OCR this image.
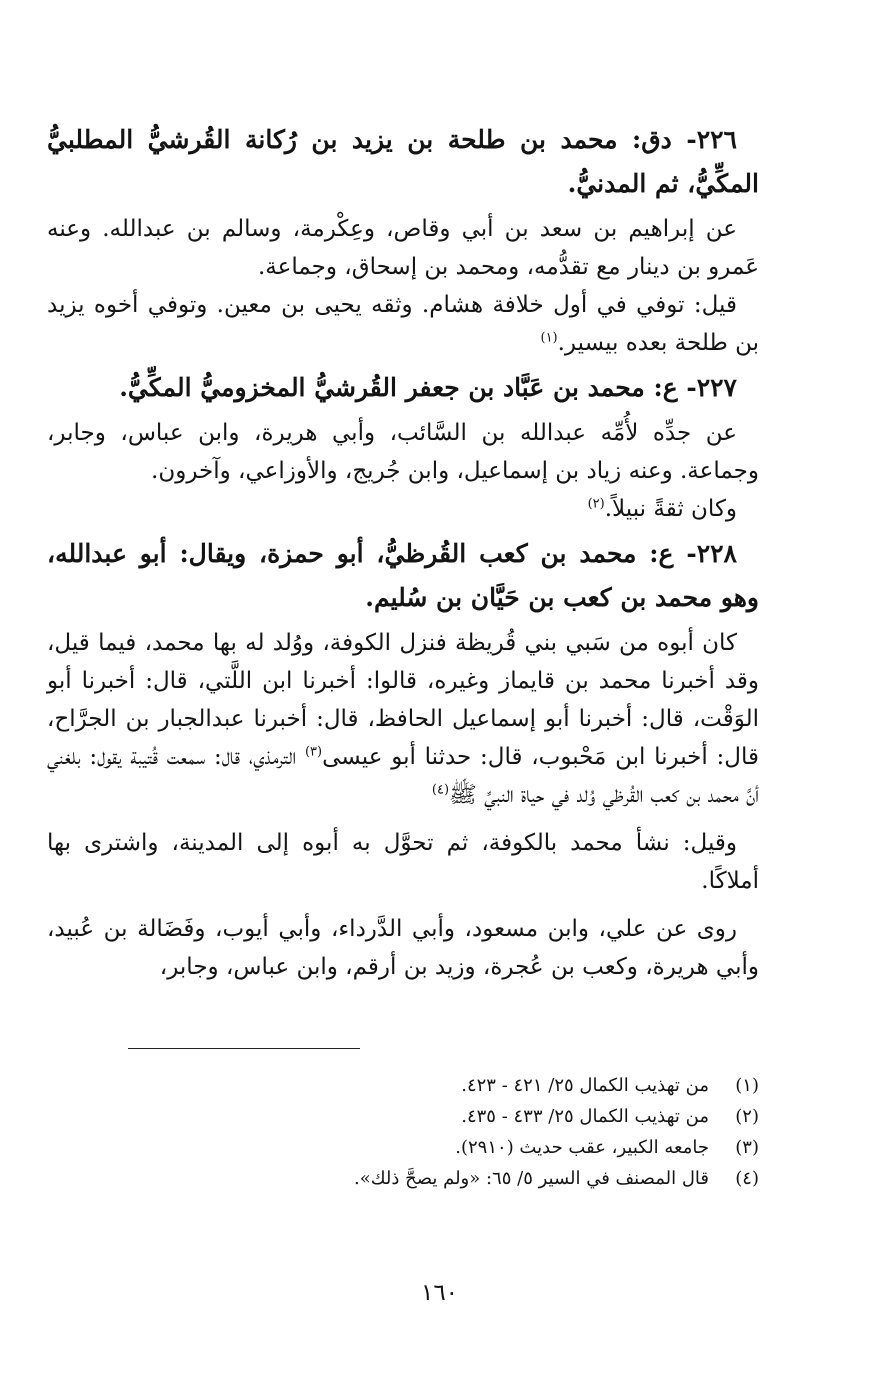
٢٢٦- دق: محمد بن طلحة بن يزيد بن رُكانة القُرشيُّ المطلبيُّ المكِّيُّ، ثم المدنيُّ.
عن إبراهيم بن سعد بن أبي وقاص، وعِكْرمة، وسالم بن عبدالله. وعنه عَمرو بن دينار مع تقدُّمه، ومحمد بن إسحاق، وجماعة.
قيل: توفي في أول خلافة هشام. وثقه يحيى بن معين. وتوفي أخوه يزيد بن طلحة بعده بيسير.$^{(١)}$
٢٢٧- ع: محمد بن عَبَّاد بن جعفر القُرشيُّ المخزوميُّ المكِّيُّ.
عن جدِّه لأُمِّه عبدالله بن السَّائب، وأبي هريرة، وابن عباس، وجابر، وجماعة. وعنه زياد بن إسماعيل، وابن جُريج، والأوزاعي، وآخرون.
وكان ثقةً نبيلاً.$^{(٢)}$
٢٢٨- ع: محمد بن كعب القُرظيُّ، أبو حمزة، ويقال: أبو عبدالله، وهو محمد بن كعب بن حَيَّان بن سُليم.
كان أبوه من سَبي بني قُريظة فنزل الكوفة، ووُلد له بها محمد، فيما قيل، وقد أخبرنا محمد بن قايماز وغيره، قالوا: أخبرنا ابن اللَّتي، قال: أخبرنا أبو الوَقْت، قال: أخبرنا أبو إسماعيل الحافظ، قال: أخبرنا عبدالجبار بن الجرَّاح، قال: أخبرنا ابن مَحْبوب، قال: حدثنا أبو عيسى$^{(٣)}$ الترمذي، قال: سمعت قُتيبة يقول: بلغني أنَّ محمد بن كعب القُرظي وُلد في حياة النبيِّ ﷺ$^{(٤)}$
وقيل: نشأ محمد بالكوفة، ثم تحوَّل به أبوه إلى المدينة، واشترى بها أملاكًا.
روى عن علي، وابن مسعود، وأبي الدَّرداء، وأبي أيوب، وفَضَالة بن عُبيد، وأبي هريرة، وكعب بن عُجرة، وزيد بن أرقم، وابن عباس، وجابر،
(١)
من تهذيب الكمال ٢٥/ ٤٢١ - ٤٢٣.
(٢)
من تهذيب الكمال ٢٥/ ٤٣٣ - ٤٣٥.
(٣)
جامعه الكبير، عقب حديث (٢٩١٠).
(٤)
قال المصنف في السير ٥/ ٦٥: «ولم يصحَّ ذلك».
١٦٠
